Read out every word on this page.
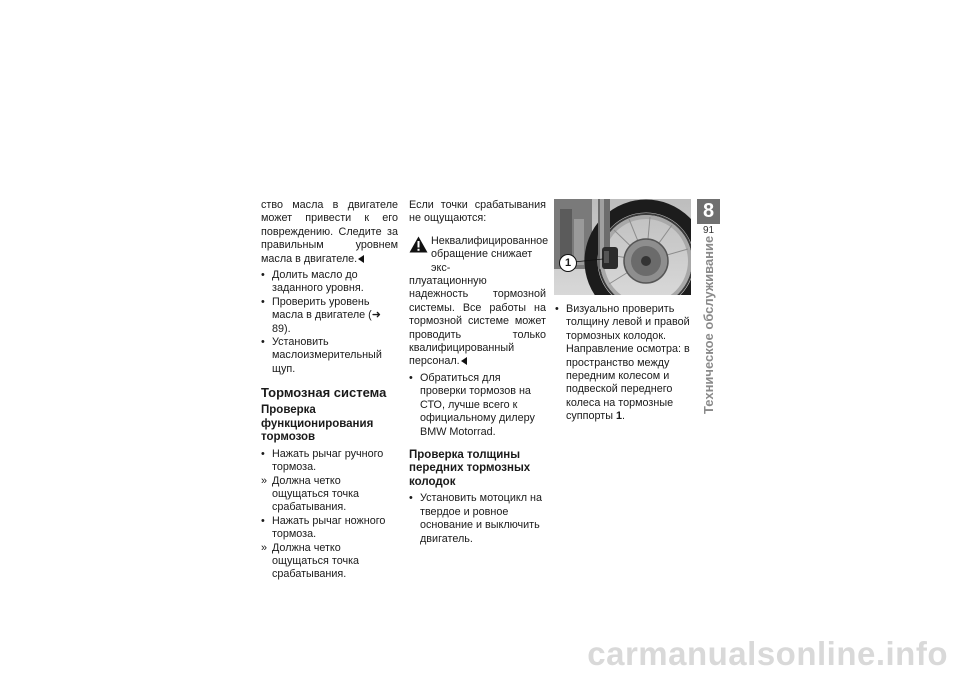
ство масла в двигателе может привести к его повреждению. Следите за правильным уровнем масла в двигателе.

• Долить масло до заданного уровня.
• Проверить уровень масла в двигателе (➜ 89).
• Установить маслоизмерительный щуп.
Тормозная система
Проверка функционирования тормозов
• Нажать рычаг ручного тормоза.
» Должна четко ощущаться точка срабатывания.
• Нажать рычаг ножного тормоза.
» Должна четко ощущаться точка срабатывания.

Если точки срабатывания не ощущаются:

Неквалифицированное обращение снижает экс-

плуатационную надежность тормозной системы. Все работы на тормозной системе может проводить только квалифицированный персонал.

• Обратиться для проверки тормозов на СТО, лучше всего к официальному дилеру BMW Motorrad.
Проверка толщины передних тормозных колодок
• Установить мотоцикл на твердое и ровное основание и выключить двигатель.
1
• Визуально проверить толщину левой и правой тормозных колодок. Направление осмотра: в пространство между передним колесом и подвеской переднего колеса на тормозные суппорты 1.
8
91
Техническое обслуживание
carmanualsonline.info
